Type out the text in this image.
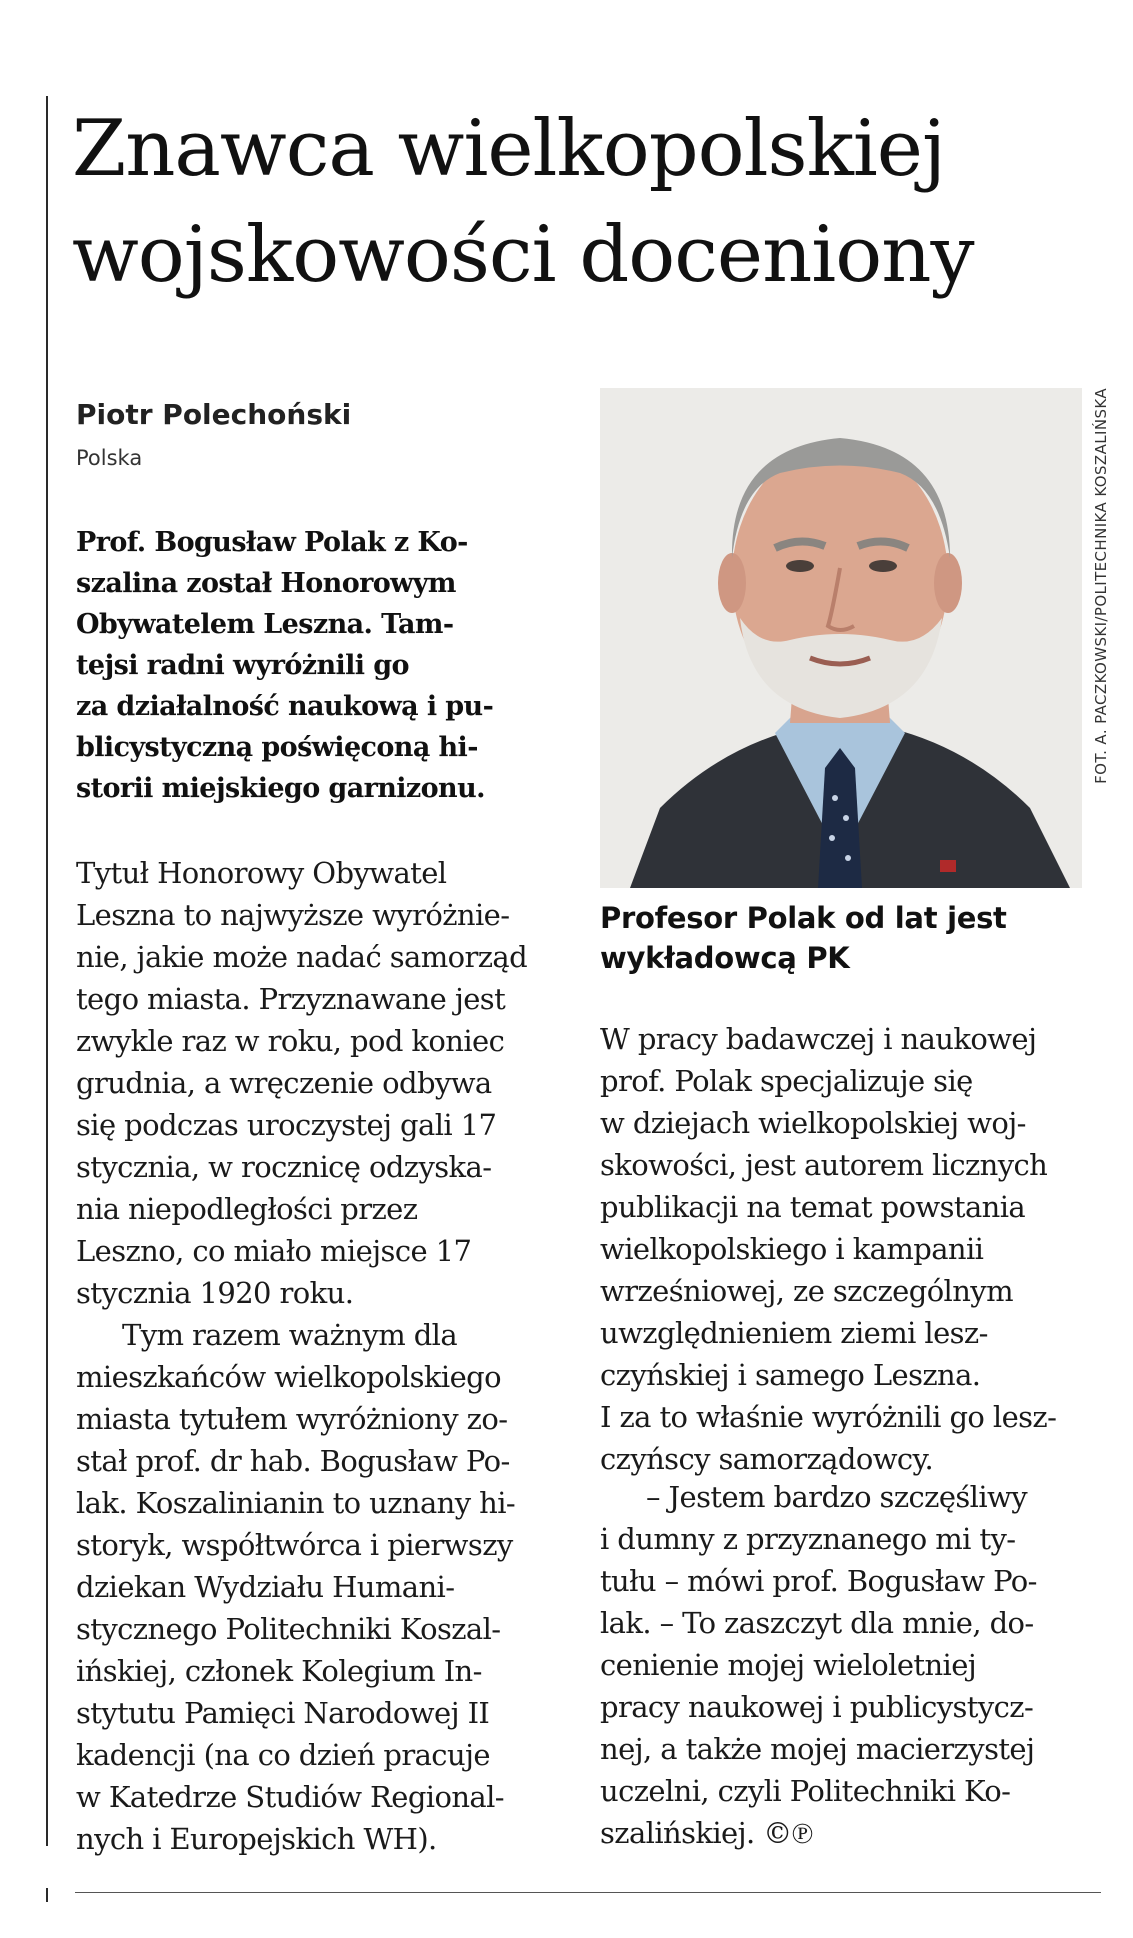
Znawca wielkopolskiej
wojskowości doceniony

Piotr Polechoński

Polska

Prof. Bogusław Polak z Ko-
szalina został Honorowym
Obywatelem Leszna. Tam-
tejsi radni wyróżnili go
za działalność naukową i pu-
blicystyczną poświęconą hi-
storii miejskiego garnizonu.

Tytuł Honorowy Obywatel
Leszna to najwyższe wyróżnie-
nie, jakie może nadać samorząd
tego miasta. Przyznawane jest
zwykle raz w roku, pod koniec
grudnia, a wręczenie odbywa
się podczas uroczystej gali 17
stycznia, w rocznicę odzyska-
nia niepodległości przez
Leszno, co miało miejsce 17
stycznia 1920 roku.

Tym razem ważnym dla
mieszkańców wielkopolskiego
miasta tytułem wyróżniony zo-
stał prof. dr hab. Bogusław Po-
lak. Koszalinianin to uznany hi-
storyk, współtwórca i pierwszy
dziekan Wydziału Humani-
stycznego Politechniki Koszal-
ińskiej, członek Kolegium In-
stytutu Pamięci Narodowej II
kadencji (na co dzień pracuje
w Katedrze Studiów Regional-
nych i Europejskich WH).

FOT. A. PACZKOWSKI/POLITECHNIKA KOSZALIŃSKA

Profesor Polak od lat jest
wykładowcą PK

W pracy badawczej i naukowej
prof. Polak specjalizuje się
w dziejach wielkopolskiej woj-
skowości, jest autorem licznych
publikacji na temat powstania
wielkopolskiego i kampanii
wrześniowej, ze szczególnym
uwzględnieniem ziemi lesz-
czyńskiej i samego Leszna.
I za to właśnie wyróżnili go lesz-
czyńscy samorządowcy.

– Jestem bardzo szczęśliwy
i dumny z przyznanego mi ty-
tułu – mówi prof. Bogusław Po-
lak. – To zaszczyt dla mnie, do-
cenienie mojej wieloletniej
pracy naukowej i publicystycz-
nej, a także mojej macierzystej
uczelni, czyli Politechniki Ko-
szalińskiej. ©℗
